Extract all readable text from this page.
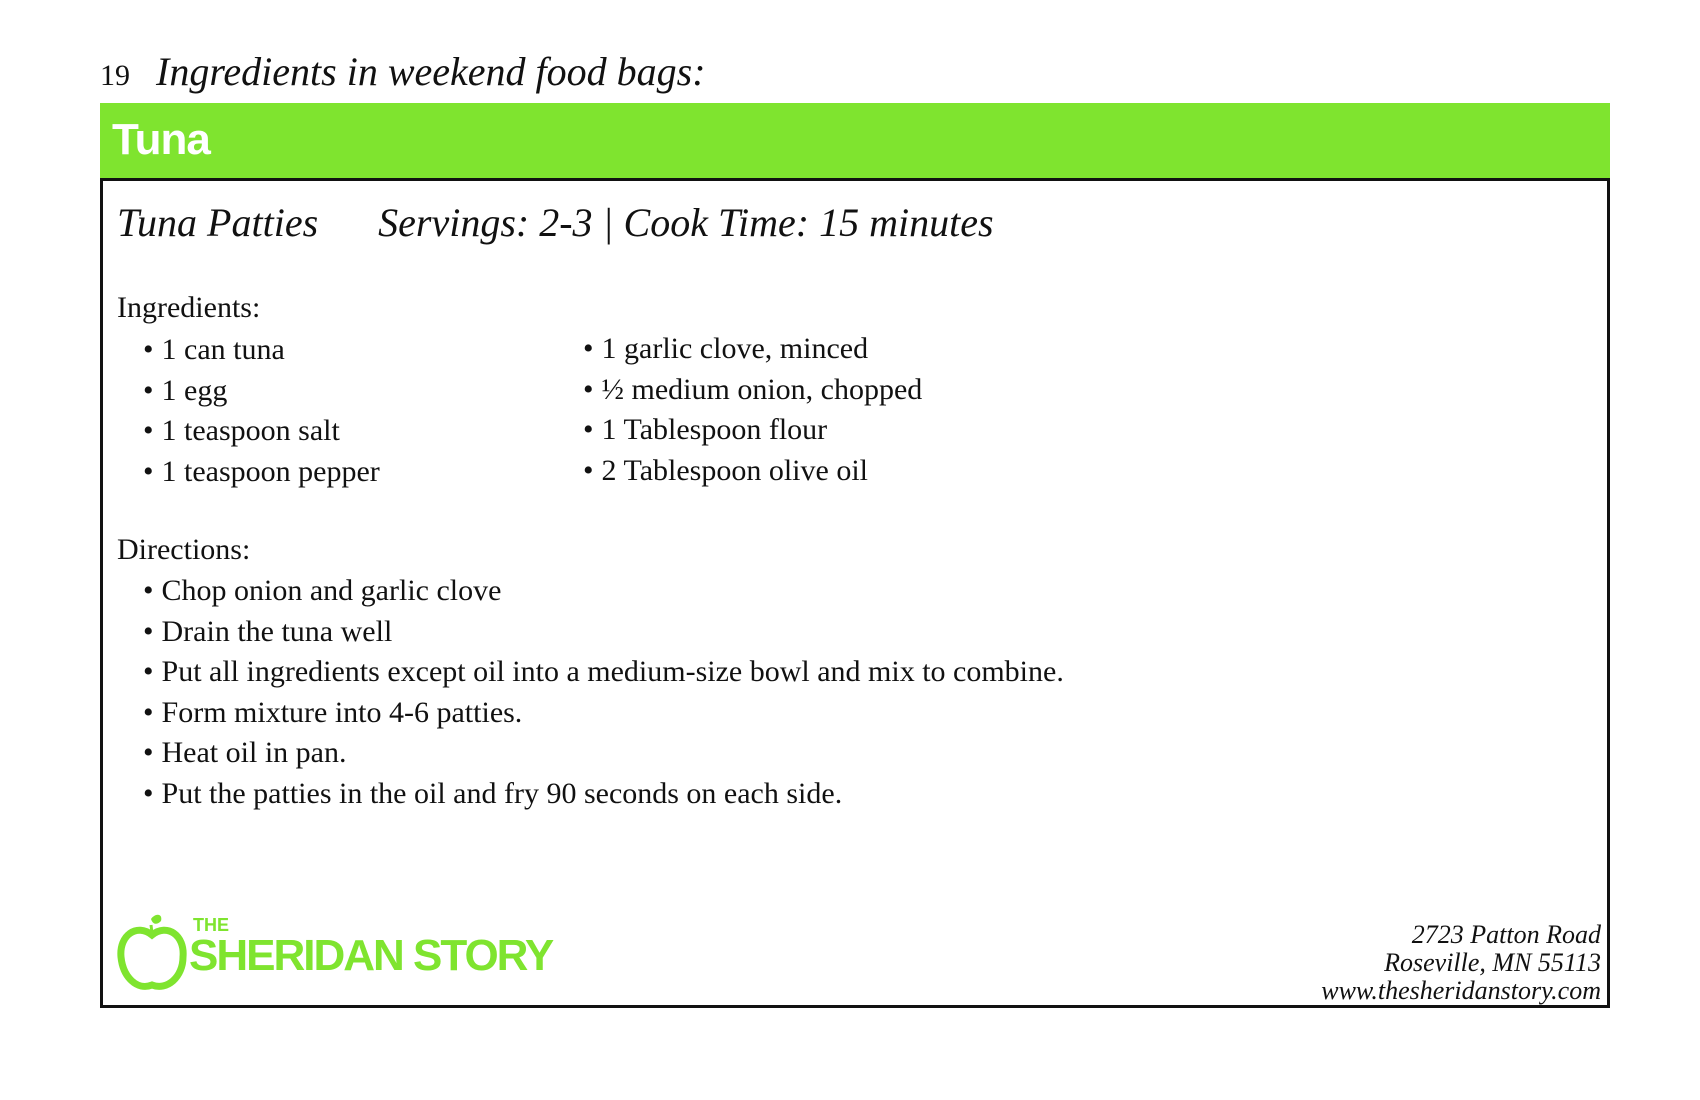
19 Ingredients in weekend food bags:
Tuna
Tuna Patties Servings: 2-3 | Cook Time: 15 minutes
Ingredients:
• 1 can tuna
• 1 egg
• 1 teaspoon salt
• 1 teaspoon pepper
• 1 garlic clove, minced
• ½ medium onion, chopped
• 1 Tablespoon flour
• 2 Tablespoon olive oil
Directions:
• Chop onion and garlic clove
• Drain the tuna well
• Put all ingredients except oil into a medium-size bowl and mix to combine.
• Form mixture into 4-6 patties.
• Heat oil in pan.
• Put the patties in the oil and fry 90 seconds on each side.
THE
SHERIDAN STORY	2723 Patton Road
Roseville, MN 55113
www.thesheridanstory.com
